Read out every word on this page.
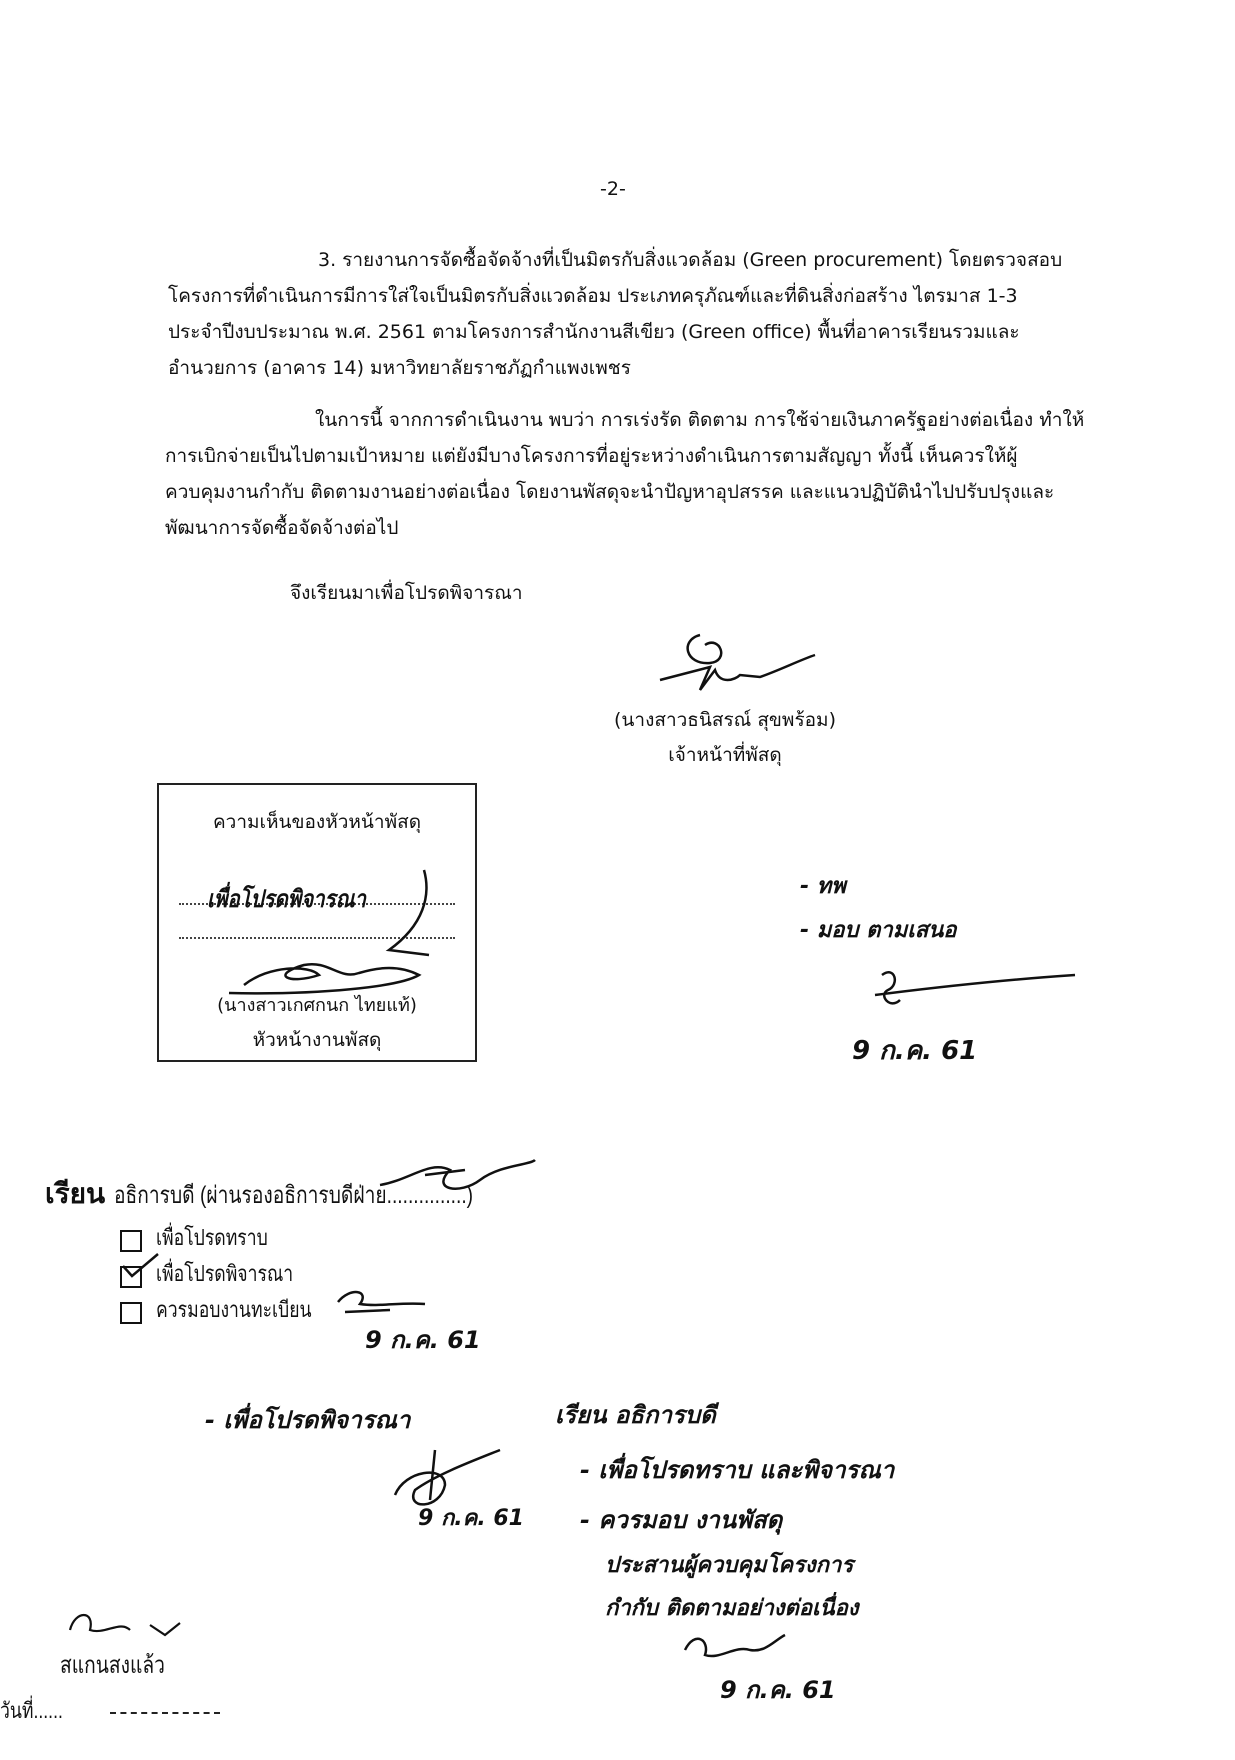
-2-
3. รายงานการจัดซื้อจัดจ้างที่เป็นมิตรกับสิ่งแวดล้อม (Green procurement) โดยตรวจสอบ
โครงการที่ดำเนินการมีการใส่ใจเป็นมิตรกับสิ่งแวดล้อม ประเภทครุภัณฑ์และที่ดินสิ่งก่อสร้าง ไตรมาส 1-3
ประจำปีงบประมาณ พ.ศ. 2561 ตามโครงการสำนักงานสีเขียว (Green office) พื้นที่อาคารเรียนรวมและ
อำนวยการ (อาคาร 14) มหาวิทยาลัยราชภัฏกำแพงเพชร
ในการนี้ จากการดำเนินงาน พบว่า การเร่งรัด ติดตาม การใช้จ่ายเงินภาครัฐอย่างต่อเนื่อง ทำให้
การเบิกจ่ายเป็นไปตามเป้าหมาย แต่ยังมีบางโครงการที่อยู่ระหว่างดำเนินการตามสัญญา ทั้งนี้ เห็นควรให้ผู้
ควบคุมงานกำกับ ติดตามงานอย่างต่อเนื่อง โดยงานพัสดุจะนำปัญหาอุปสรรค และแนวปฏิบัตินำไปปรับปรุงและ
พัฒนาการจัดซื้อจัดจ้างต่อไป
จึงเรียนมาเพื่อโปรดพิจารณา
(นางสาวธนิสรณ์ สุขพร้อม)
เจ้าหน้าที่พัสดุ
ความเห็นของหัวหน้าพัสดุ
เพื่อโปรดพิจารณา
(นางสาวเกศกนก ไทยแท้)
หัวหน้างานพัสดุ
- ทพ
- มอบ ตามเสนอ
9 ก.ค. 61
เรียน อธิการบดี (ผ่านรองอธิการบดีฝ่าย...............)
เพื่อโปรดทราบ
เพื่อโปรดพิจารณา
ควรมอบงานทะเบียน
9 ก.ค. 61
- เพื่อโปรดพิจารณา
9 ก.ค. 61
เรียน อธิการบดี
- เพื่อโปรดทราบ และพิจารณา
- ควรมอบ งานพัสดุ
ประสานผู้ควบคุมโครงการ
กำกับ ติดตามอย่างต่อเนื่อง
9 ก.ค. 61
สแกนสงแล้ว
วันที่......
